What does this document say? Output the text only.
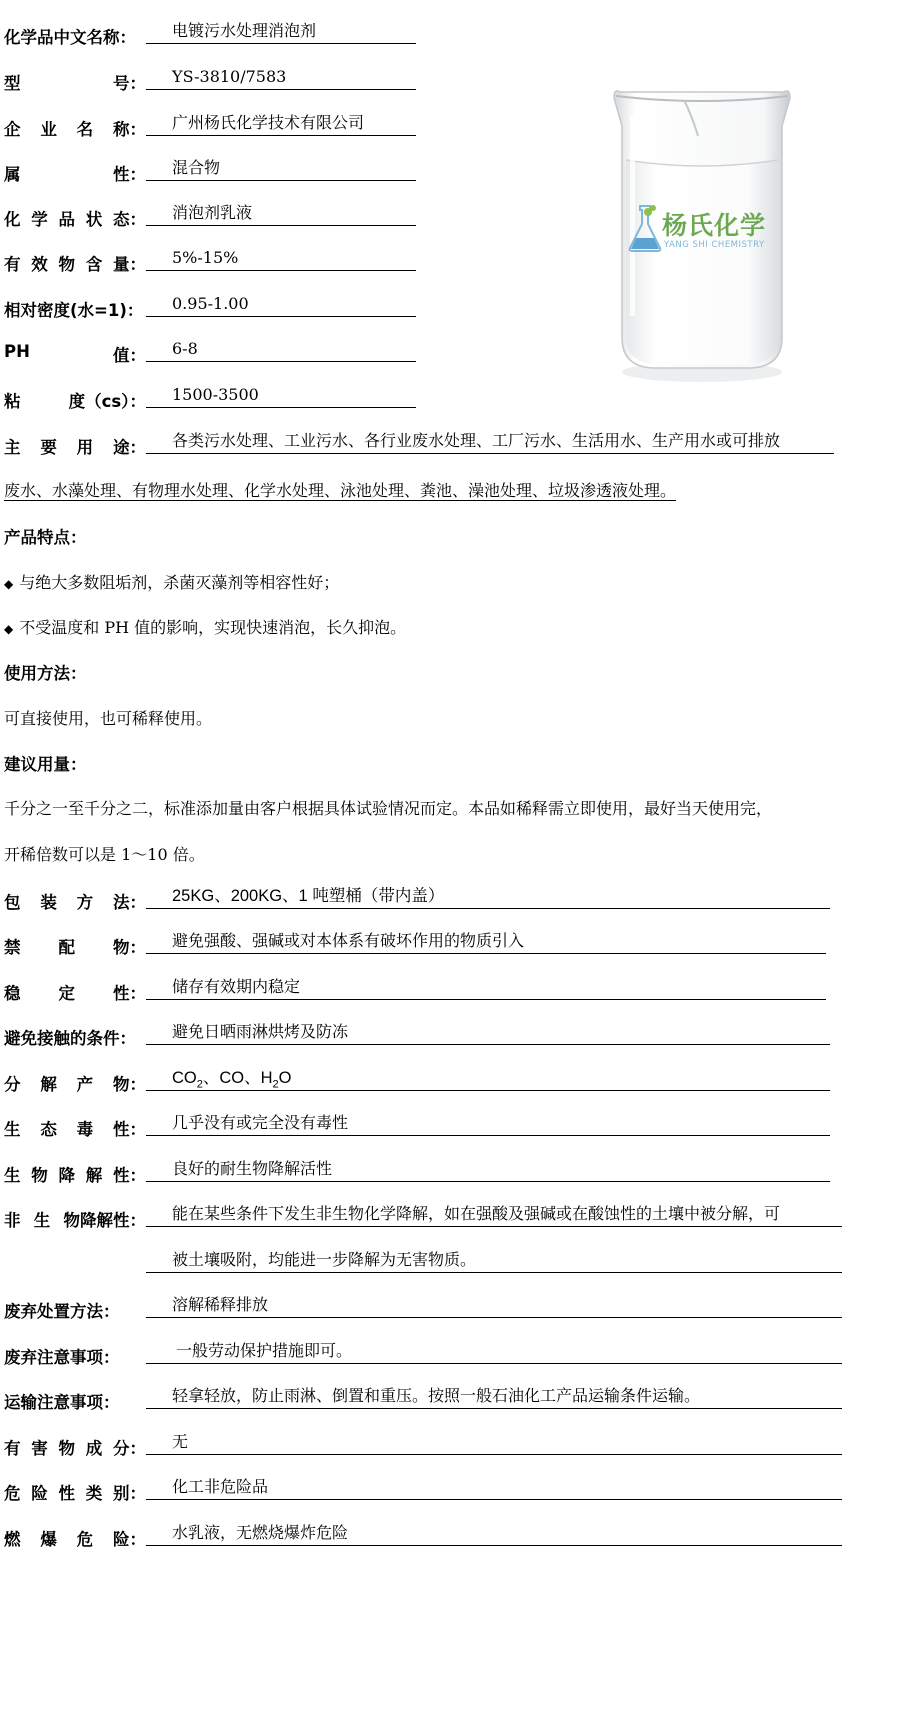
化学品中文名称：	电镀污水处理消泡剂
型	号：	YS-3810/7583
企 业 名 称：	广州杨氏化学技术有限公司
属	性：	混合物
化 学 品 状 态：	消泡剂乳液
有 效 物 含 量：	5%-15%
相对密度(水=1)：	0.95-1.00
PH	值：	6-8
粘	度（cs）：	1500-3500
杨氏化学
YANG SHI CHEMISTRY
主 要 用 途：	各类污水处理、工业污水、各行业废水处理、工厂污水、生活用水、生产用水或可排放
废水、水藻处理、有物理水处理、化学水处理、泳池处理、粪池、澡池处理、垃圾渗透液处理。
产品特点：
◆ 与绝大多数阻垢剂，杀菌灭藻剂等相容性好；
◆ 不受温度和 PH 值的影响，实现快速消泡，长久抑泡。
使用方法：
可直接使用，也可稀释使用。
建议用量：
千分之一至千分之二，标准添加量由客户根据具体试验情况而定。本品如稀释需立即使用，最好当天使用完，
开稀倍数可以是 1～10 倍。
包 装 方 法：	25KG、200KG、1 吨塑桶（带内盖）
禁 配 物：	避免强酸、强碱或对本体系有破坏作用的物质引入
稳 定 性：	储存有效期内稳定
避免接触的条件：	避免日晒雨淋烘烤及防冻
分 解 产 物：	$CO_2$、CO、$H_2O$
生 态 毒 性：	几乎没有或完全没有毒性
生 物 降 解 性：	良好的耐生物降解活性
非 生 物降解性：	能在某些条件下发生非生物化学降解，如在强酸及强碱或在酸蚀性的土壤中被分解，可
被土壤吸附，均能进一步降解为无害物质。
废弃处置方法：	溶解稀释排放
废弃注意事项：	一般劳动保护措施即可。
运输注意事项：	轻拿轻放，防止雨淋、倒置和重压。按照一般石油化工产品运输条件运输。
有 害 物 成 分：	无
危 险 性 类 别：	化工非危险品
燃 爆 危 险：	水乳液，无燃烧爆炸危险
